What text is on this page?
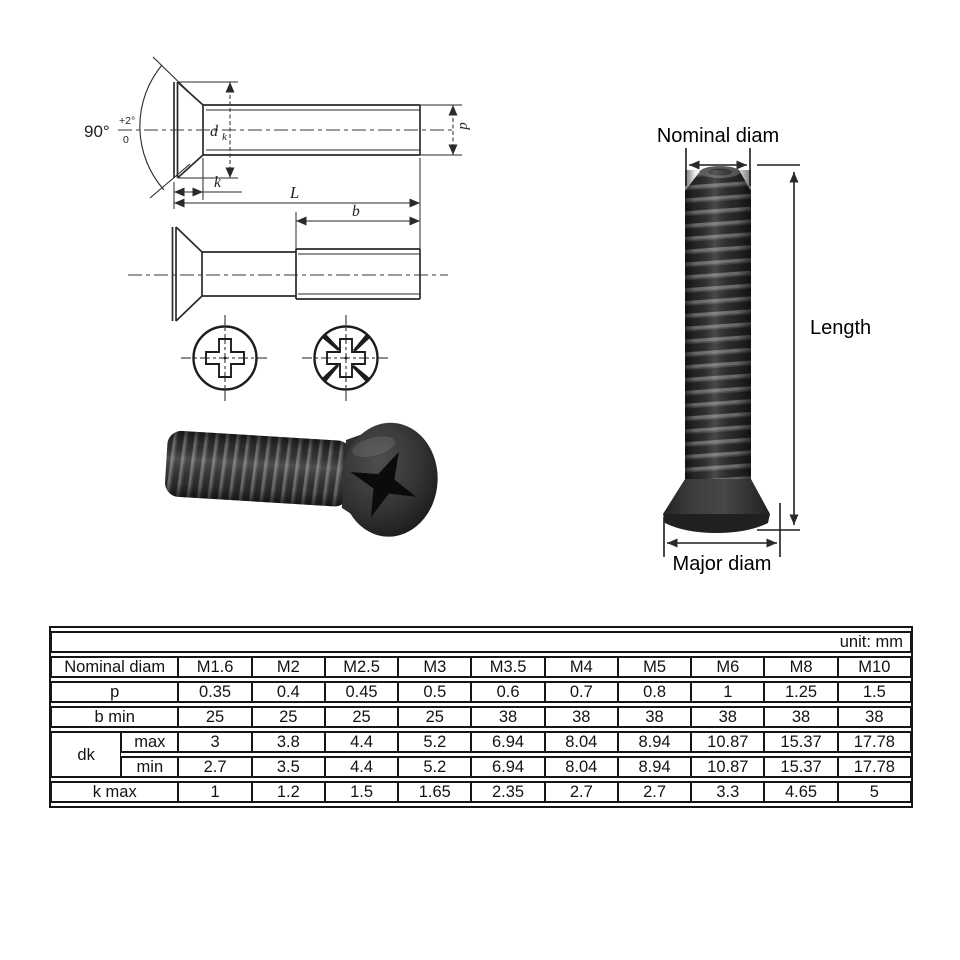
90° +2° 0	d $_k$
d
k
L
b
Nominal diam
Length
Major diam
unit: mm											
Nominal diam		M1.6	M2	M2.5	M3	M3.5	M4	M5	M6	M8	M10
p		0.35	0.4	0.45	0.5	0.6	0.7	0.8	1	1.25	1.5
b min		25	25	25	25	38	38	38	38	38	38
dk	max	3	3.8	4.4	5.2	6.94	8.04	8.94	10.87	15.37	17.78
	min	2.7	3.5	4.4	5.2	6.94	8.04	8.94	10.87	15.37	17.78
k max		1	1.2	1.5	1.65	2.35	2.7	2.7	3.3	4.65	5
